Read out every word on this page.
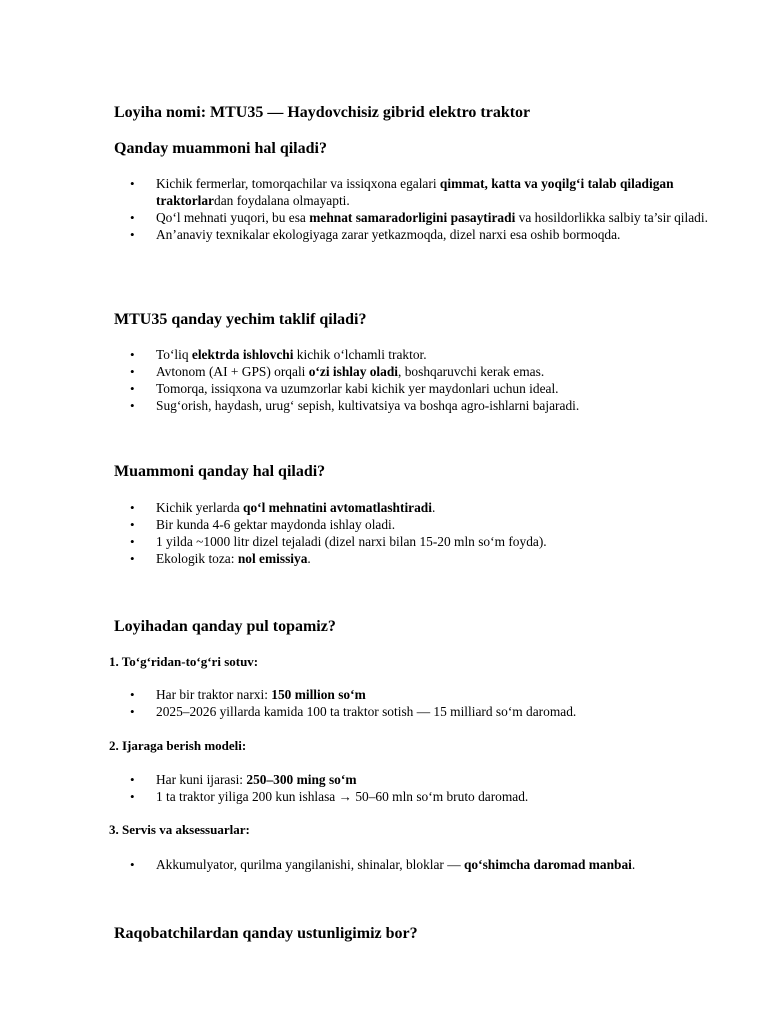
Loyiha nomi: MTU35 — Haydovchisiz gibrid elektro traktor
Qanday muammoni hal qiladi?
• Kichik fermerlar, tomorqachilar va issiqxona egalari qimmat, katta va yoqilg‘i talab qiladigan traktorlardan foydalana olmayapti.
• Qo‘l mehnati yuqori, bu esa mehnat samaradorligini pasaytiradi va hosildorlikka salbiy ta’sir qiladi.
• An’anaviy texnikalar ekologiyaga zarar yetkazmoqda, dizel narxi esa oshib bormoqda.
MTU35 qanday yechim taklif qiladi?
• To‘liq elektrda ishlovchi kichik o‘lchamli traktor.
• Avtonom (AI + GPS) orqali o‘zi ishlay oladi, boshqaruvchi kerak emas.
• Tomorqa, issiqxona va uzumzorlar kabi kichik yer maydonlari uchun ideal.
• Sug‘orish, haydash, urug‘ sepish, kultivatsiya va boshqa agro-ishlarni bajaradi.
Muammoni qanday hal qiladi?
• Kichik yerlarda qo‘l mehnatini avtomatlashtiradi.
• Bir kunda 4-6 gektar maydonda ishlay oladi.
• 1 yilda ~1000 litr dizel tejaladi (dizel narxi bilan 15-20 mln so‘m foyda).
• Ekologik toza: nol emissiya.
Loyihadan qanday pul topamiz?
1. To‘g‘ridan-to‘g‘ri sotuv:
• Har bir traktor narxi: 150 million so‘m
• 2025–2026 yillarda kamida 100 ta traktor sotish — 15 milliard so‘m daromad.
2. Ijaraga berish modeli:
• Har kuni ijarasi: 250–300 ming so‘m
• 1 ta traktor yiliga 200 kun ishlasa → 50–60 mln so‘m bruto daromad.
3. Servis va aksessuarlar:
• Akkumulyator, qurilma yangilanishi, shinalar, bloklar — qo‘shimcha daromad manbai.
Raqobatchilardan qanday ustunligimiz bor?
